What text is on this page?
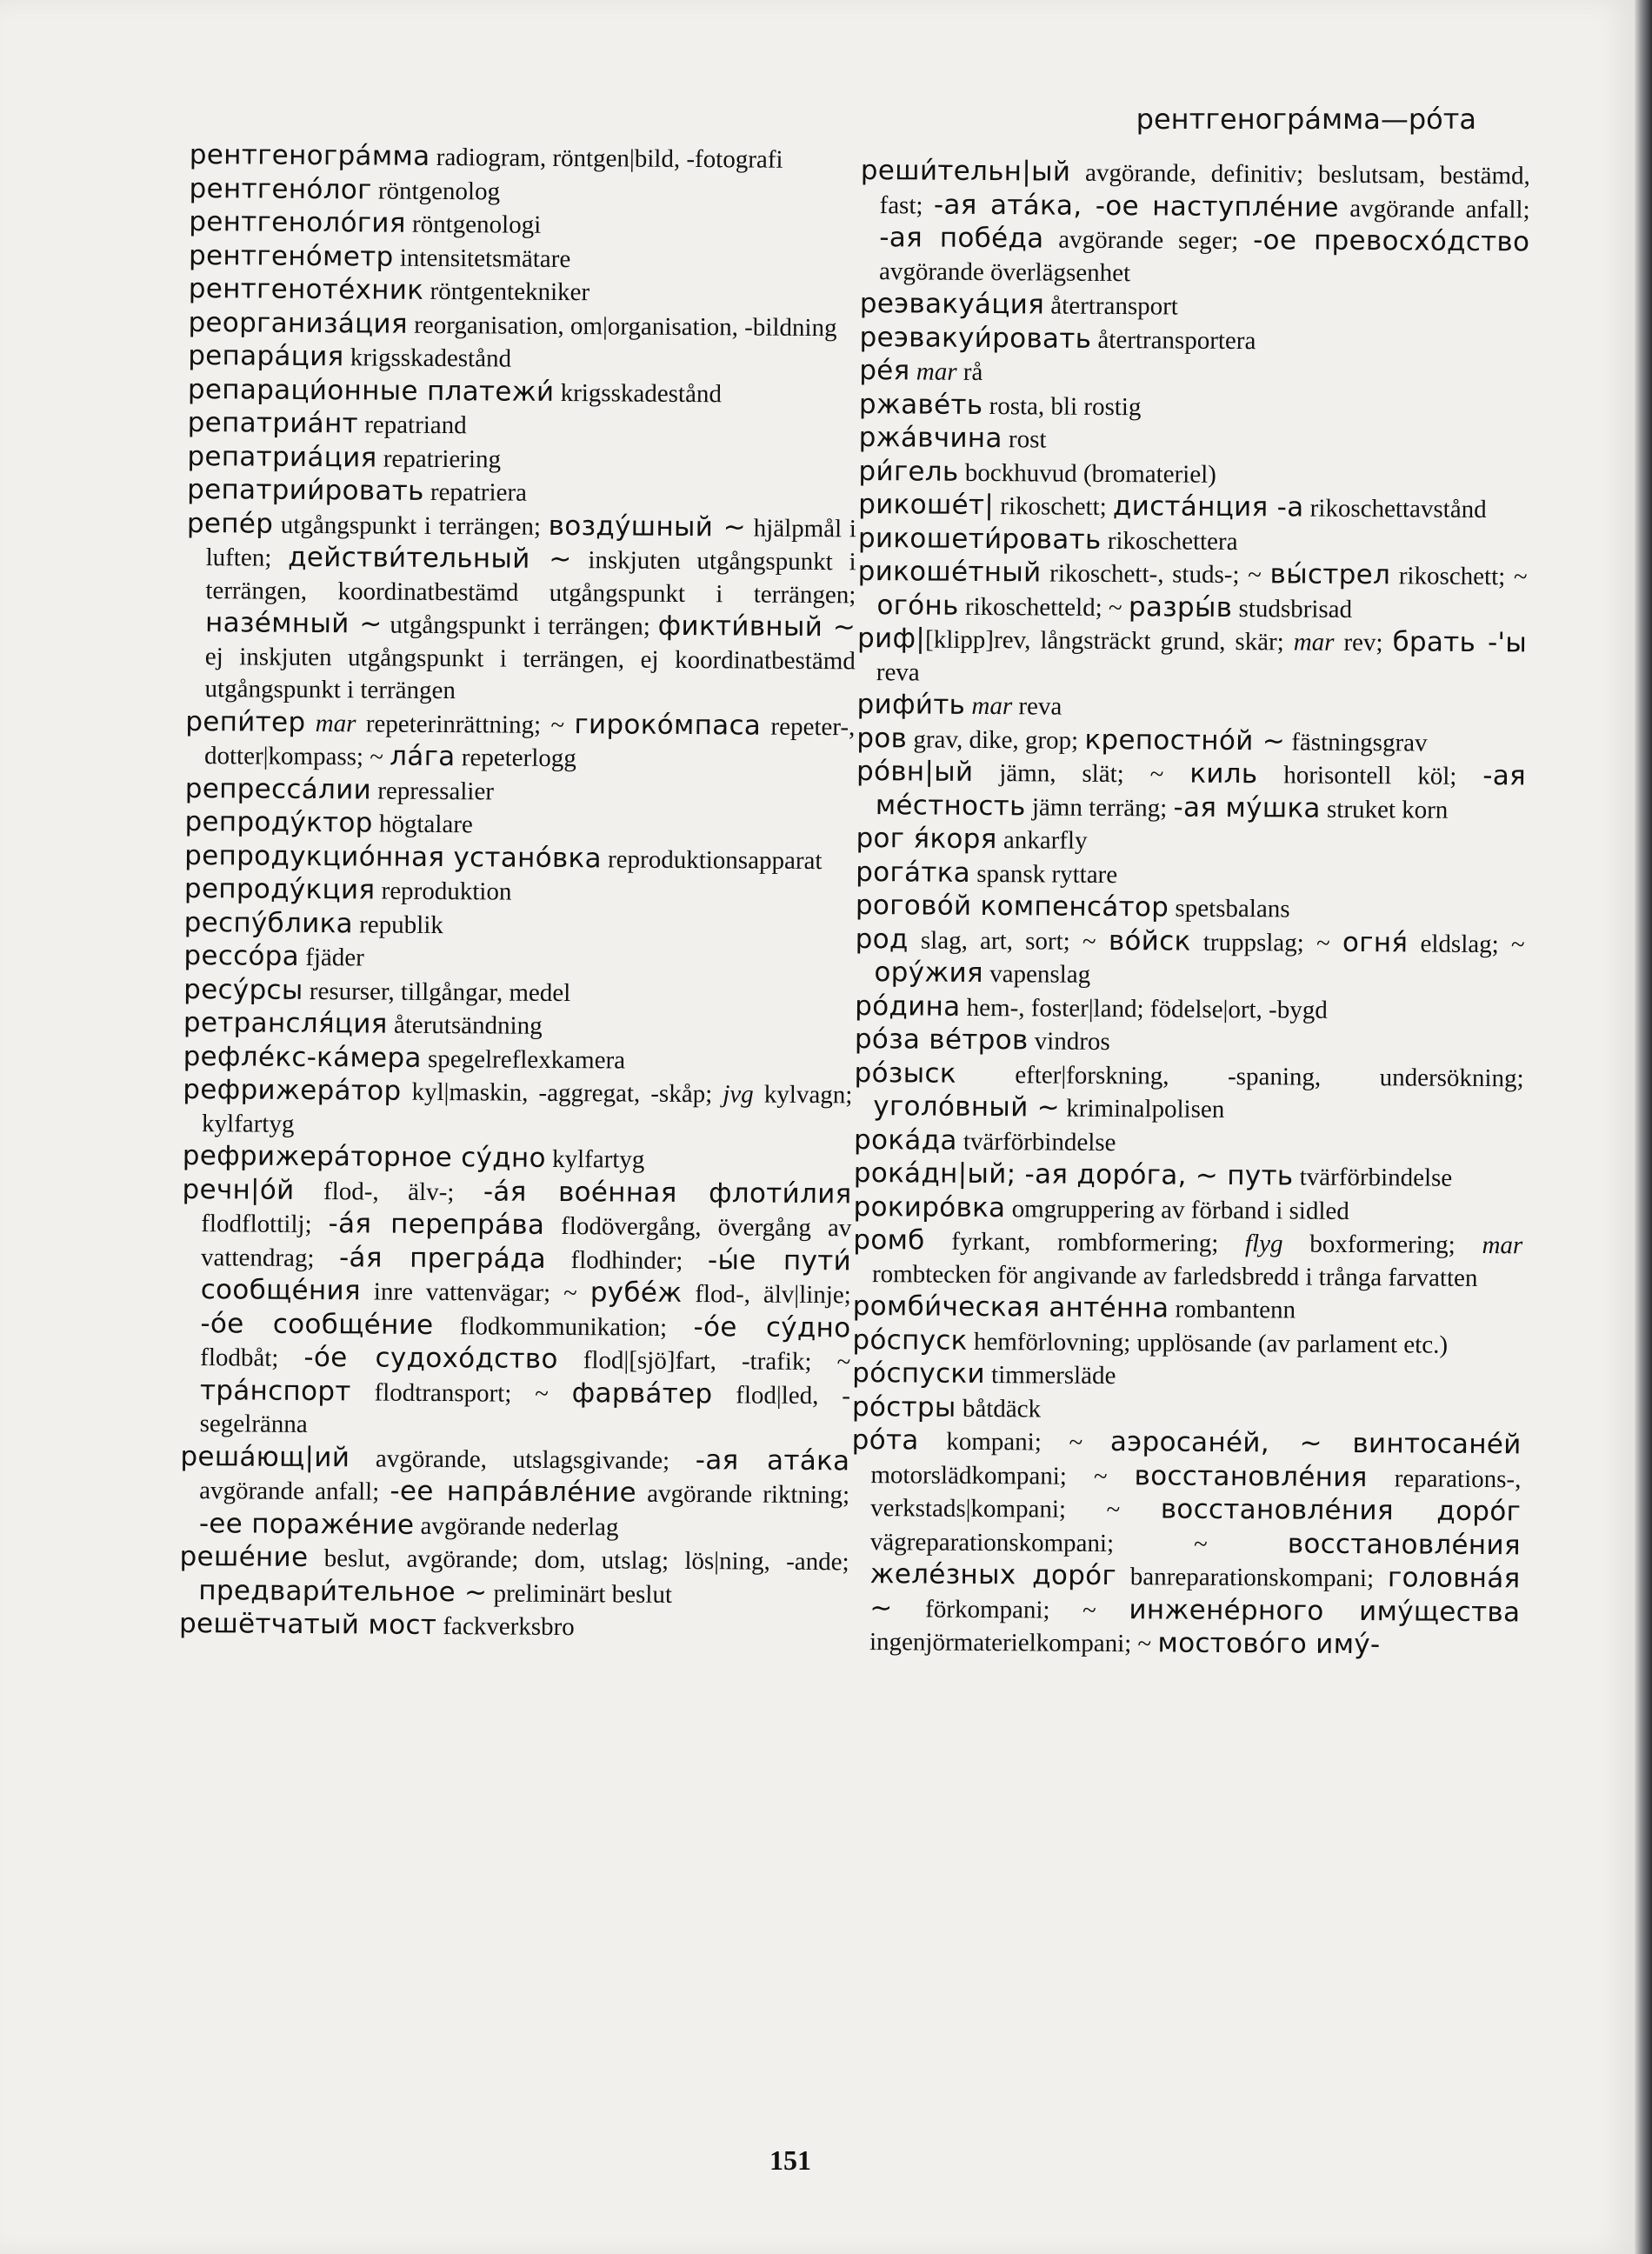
рентгеногра́мма—ро́та

рентгеногра́мма radiogram, röntgen|bild, -fotografi

рентгено́лог röntgenolog

рентгеноло́гия röntgenologi

рентгено́метр intensitetsmätare

рентгенотéхник röntgentekniker

реорганиза́ция reorganisation, om|organisation, -bildning

репара́ция krigsskadestånd

репараци́онные платежи́ krigsskadestånd

репатриа́нт repatriand

репатриа́ция repatriering

репатрии́ровать repatriera

репе́р utgångspunkt i terrängen; возду́шный ~ hjälpmål i luften; действи́тельный ~ inskjuten utgångspunkt i terrängen, koordinatbestämd utgångspunkt i terrängen; назе́мный ~ utgångspunkt i terrängen; фикти́вный ~ ej inskjuten utgångspunkt i terrängen, ej koordinatbestämd utgångspunkt i terrängen

репи́тер mar repeterinrättning; ~ гироко́мпаса repeter-, dotter|kompass; ~ ла́га repeterlogg

репресса́лии repressalier

репроду́ктор högtalare

репродукцио́нная устано́вка reproduktionsapparat

репроду́кция reproduktion

респу́блика republik

рессо́ра fjäder

ресу́рсы resurser, tillgångar, medel

ретрансля́ция återutsändning

рефле́кс-ка́мера spegelreflexkamera

рефрижера́тор kyl|maskin, -aggregat, -skåp; jvg kylvagn; kylfartyg

рефрижера́торное су́дно kylfartyg

речн|о́й flod-, älv-; -а́я вое́нная флоти́лия flodflottilj; -а́я перепра́ва flodövergång, övergång av vattendrag; -а́я прегра́да flodhinder; -ы́е пути́ сообще́ния inre vattenvägar; ~ рубе́ж flod-, älv|linje; -о́е сообще́ние flodkommunikation; -о́е су́дно flodbåt; -о́е судохо́дство flod|[sjö]fart, -trafik; ~ тра́нспорт flodtransport; ~ фарва́тер flod|led, -segelränna

реша́ющ|ий avgörande, utslagsgivande; -ая ата́ка avgörande anfall; -ее напра́вле́ние avgörande riktning; -ее пораже́ние avgörande nederlag

реше́ние beslut, avgörande; dom, utslag; lös|ning, -ande; предвари́тельное ~ preliminärt beslut

решётчатый мост fackverksbro

реши́тельн|ый avgörande, definitiv; beslutsam, bestämd, fast; -ая ата́ка, -ое наступле́ние avgörande anfall; -ая побе́да avgörande seger; -ое превосхо́дство avgörande överlägsenhet

реэвакуа́ция återtransport

реэвакуи́ровать återtransportera

ре́я mar rå

ржаве́ть rosta, bli rostig

ржа́вчина rost

ри́гель bockhuvud (bromateriel)

рикоше́т| rikoschett; диста́нция -а rikoschettavstånd

рикошети́ровать rikoschettera

рикоше́тный rikoschett-, studs-; ~ вы́стрел rikoschett; ~ ого́нь rikoschetteld; ~ разры́в studsbrisad

риф|[klipp]rev, långsträckt grund, skär; mar rev; брать -'ы reva

рифи́ть mar reva

ров grav, dike, grop; крепостно́й ~ fästningsgrav

ро́вн|ый jämn, slät; ~ киль horisontell köl; -ая ме́стность jämn terräng; -ая му́шка struket korn

рог я́коря ankarfly

рога́тка spansk ryttare

рогово́й компенса́тор spetsbalans

род slag, art, sort; ~ во́йск truppslag; ~ огня́ eldslag; ~ ору́жия vapenslag

ро́дина hem-, foster|land; födelse|ort, -bygd

ро́за ве́тров vindros

ро́зыск efter|forskning, -spaning, undersökning; уголо́вный ~ kriminalpolisen

рока́да tvärförbindelse

рока́дн|ый; -ая доро́га, ~ путь tvärförbindelse

рокиро́вка omgruppering av förband i sidled

ромб fyrkant, rombformering; flyg boxformering; mar rombtecken för angivande av farledsbredd i trånga farvatten

ромби́ческая анте́нна rombantenn

ро́спуск hemförlovning; upplösande (av parlament etc.)

ро́спуски timmersläde

ро́стры båtdäck

ро́та kompani; ~ аэросане́й, ~ винтосане́й motorslädkompani; ~ восстановле́ния reparations-, verkstads|kompani; ~ восстановле́ния доро́г vägreparationskompani; ~ восстановле́ния желе́зных доро́г banreparationskompani; головна́я ~ förkompani; ~ инжене́рного иму́щества ingenjörmaterielkompani; ~ мостово́го иму́-

151
